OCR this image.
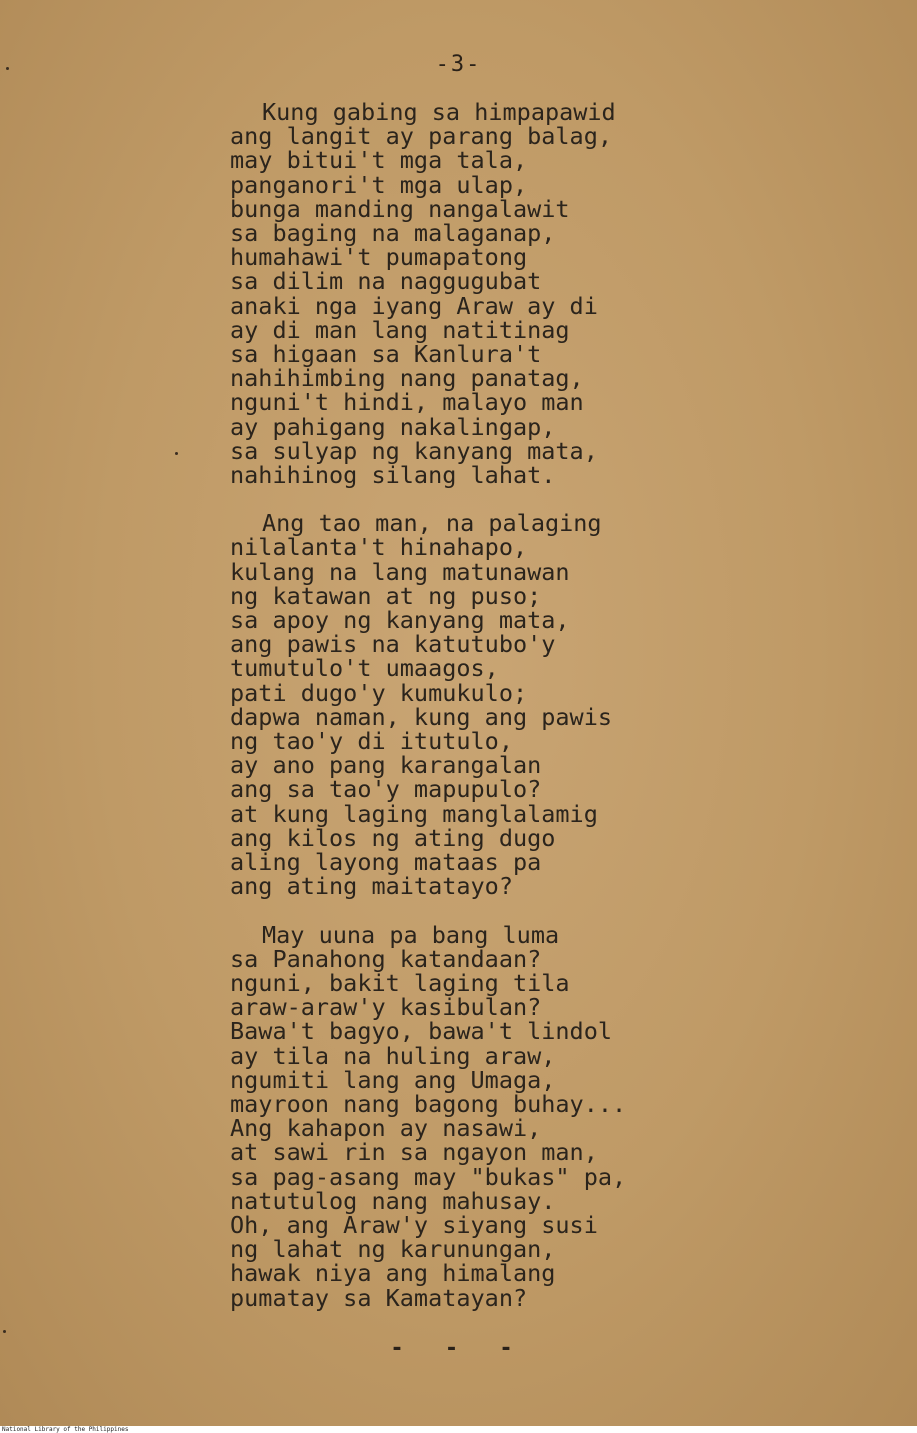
-3-
Kung gabing sa himpapawid
ang langit ay parang balag,
may bitui't mga tala,
panganori't mga ulap,
bunga manding nangalawit
sa baging na malaganap,
humahawi't pumapatong
sa dilim na naggugubat
anaki nga iyang Araw ay di
ay di man lang natitinag
sa higaan sa Kanlura't
nahihimbing nang panatag,
nguni't hindi, malayo man
ay pahigang nakalingap,
sa sulyap ng kanyang mata,
nahihinog silang lahat.
Ang tao man, na palaging
nilalanta't hinahapo,
kulang na lang matunawan
ng katawan at ng puso;
sa apoy ng kanyang mata,
ang pawis na katutubo'y
tumutulo't umaagos,
pati dugo'y kumukulo;
dapwa naman, kung ang pawis
ng tao'y di itutulo,
ay ano pang karangalan
ang sa tao'y mapupulo?
at kung laging manglalamig
ang kilos ng ating dugo
aling layong mataas pa
ang ating maitatayo?
May uuna pa bang luma
sa Panahong katandaan?
nguni, bakit laging tila
araw-araw'y kasibulan?
Bawa't bagyo, bawa't lindol
ay tila na huling araw,
ngumiti lang ang Umaga,
mayroon nang bagong buhay...
Ang kahapon ay nasawi,
at sawi rin sa ngayon man,
sa pag-asang may "bukas" pa,
natutulog nang mahusay.
Oh, ang Araw'y siyang susi
ng lahat ng karunungan,
hawak niya ang himalang
pumatay sa Kamatayan?
- - -
National Library of the Philippines
